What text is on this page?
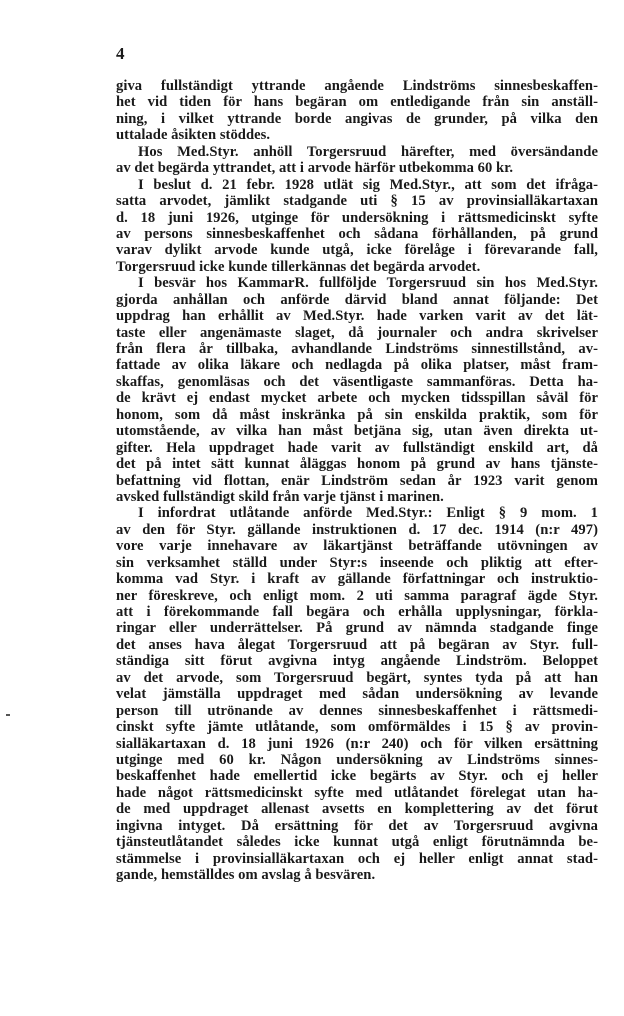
4
giva fullständigt yttrande angående Lindströms sinnesbeskaffen-
het vid tiden för hans begäran om entledigande från sin anställ-
ning, i vilket yttrande borde angivas de grunder, på vilka den
uttalade åsikten stöddes.
Hos Med.Styr. anhöll Torgersruud härefter, med översändande
av det begärda yttrandet, att i arvode härför utbekomma 60 kr.
I beslut d. 21 febr. 1928 utlät sig Med.Styr., att som det ifråga-
satta arvodet, jämlikt stadgande uti § 15 av provinsialläkartaxan
d. 18 juni 1926, utginge för undersökning i rättsmedicinskt syfte
av persons sinnesbeskaffenhet och sådana förhållanden, på grund
varav dylikt arvode kunde utgå, icke förelåge i förevarande fall,
Torgersruud icke kunde tillerkännas det begärda arvodet.
I besvär hos KammarR. fullföljde Torgersruud sin hos Med.Styr.
gjorda anhållan och anförde därvid bland annat följande: Det
uppdrag han erhållit av Med.Styr. hade varken varit av det lät-
taste eller angenämaste slaget, då journaler och andra skrivelser
från flera år tillbaka, avhandlande Lindströms sinnestillstånd, av-
fattade av olika läkare och nedlagda på olika platser, måst fram-
skaffas, genomläsas och det väsentligaste sammanföras. Detta ha-
de krävt ej endast mycket arbete och mycken tidsspillan såväl för
honom, som då måst inskränka på sin enskilda praktik, som för
utomstående, av vilka han måst betjäna sig, utan även direkta ut-
gifter. Hela uppdraget hade varit av fullständigt enskild art, då
det på intet sätt kunnat åläggas honom på grund av hans tjänste-
befattning vid flottan, enär Lindström sedan år 1923 varit genom
avsked fullständigt skild från varje tjänst i marinen.
I infordrat utlåtande anförde Med.Styr.: Enligt § 9 mom. 1
av den för Styr. gällande instruktionen d. 17 dec. 1914 (n:r 497)
vore varje innehavare av läkartjänst beträffande utövningen av
sin verksamhet ställd under Styr:s inseende och pliktig att efter-
komma vad Styr. i kraft av gällande författningar och instruktio-
ner föreskreve, och enligt mom. 2 uti samma paragraf ägde Styr.
att i förekommande fall begära och erhålla upplysningar, förkla-
ringar eller underrättelser. På grund av nämnda stadgande finge
det anses hava ålegat Torgersruud att på begäran av Styr. full-
ständiga sitt förut avgivna intyg angående Lindström. Beloppet
av det arvode, som Torgersruud begärt, syntes tyda på att han
velat jämställa uppdraget med sådan undersökning av levande
person till utrönande av dennes sinnesbeskaffenhet i rättsmedi-
cinskt syfte jämte utlåtande, som omförmäldes i 15 § av provin-
sialläkartaxan d. 18 juni 1926 (n:r 240) och för vilken ersättning
utginge med 60 kr. Någon undersökning av Lindströms sinnes-
beskaffenhet hade emellertid icke begärts av Styr. och ej heller
hade något rättsmedicinskt syfte med utlåtandet förelegat utan ha-
de med uppdraget allenast avsetts en komplettering av det förut
ingivna intyget. Då ersättning för det av Torgersruud avgivna
tjänsteutlåtandet således icke kunnat utgå enligt förutnämnda be-
stämmelse i provinsialläkartaxan och ej heller enligt annat stad-
gande, hemställdes om avslag å besvären.
